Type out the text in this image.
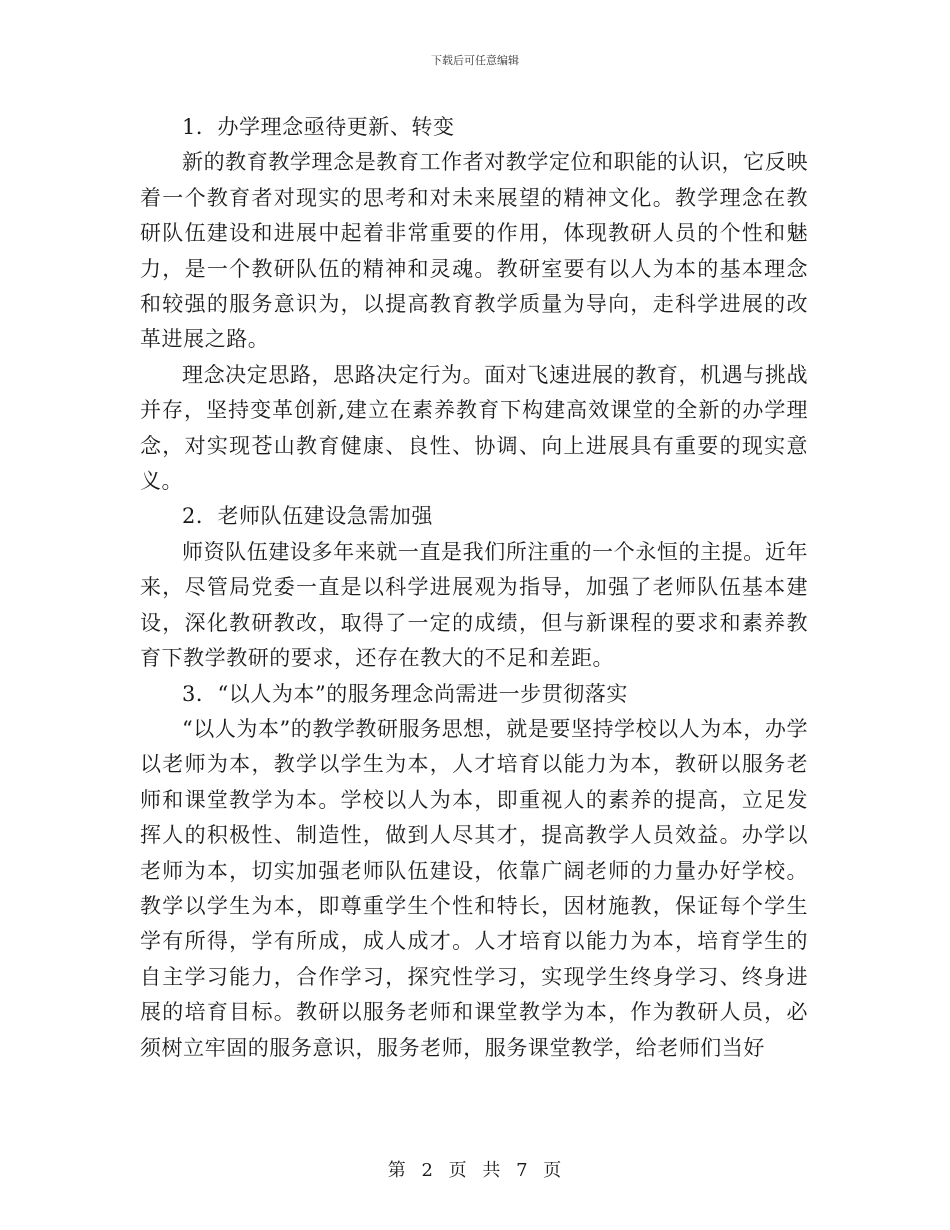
下载后可任意编辑

1．办学理念亟待更新、转变

新的教育教学理念是教育工作者对教学定位和职能的认识，它反映着一个教育者对现实的思考和对未来展望的精神文化。教学理念在教研队伍建设和进展中起着非常重要的作用，体现教研人员的个性和魅力，是一个教研队伍的精神和灵魂。教研室要有以人为本的基本理念和较强的服务意识为，以提高教育教学质量为导向，走科学进展的改革进展之路。

理念决定思路，思路决定行为。面对飞速进展的教育，机遇与挑战并存，坚持变革创新,建立在素养教育下构建高效课堂的全新的办学理念，对实现苍山教育健康、良性、协调、向上进展具有重要的现实意义。

2．老师队伍建设急需加强

师资队伍建设多年来就一直是我们所注重的一个永恒的主提。近年来，尽管局党委一直是以科学进展观为指导，加强了老师队伍基本建设，深化教研教改，取得了一定的成绩，但与新课程的要求和素养教育下教学教研的要求，还存在教大的不足和差距。

3．“以人为本”的服务理念尚需进一步贯彻落实

“以人为本”的教学教研服务思想，就是要坚持学校以人为本，办学以老师为本，教学以学生为本，人才培育以能力为本，教研以服务老师和课堂教学为本。学校以人为本，即重视人的素养的提高，立足发挥人的积极性、制造性，做到人尽其才，提高教学人员效益。办学以老师为本，切实加强老师队伍建设，依靠广阔老师的力量办好学校。教学以学生为本，即尊重学生个性和特长，因材施教，保证每个学生学有所得，学有所成，成人成才。人才培育以能力为本，培育学生的自主学习能力，合作学习，探究性学习，实现学生终身学习、终身进展的培育目标。教研以服务老师和课堂教学为本，作为教研人员，必须树立牢固的服务意识，服务老师，服务课堂教学，给老师们当好

第 2 页 共 7 页
